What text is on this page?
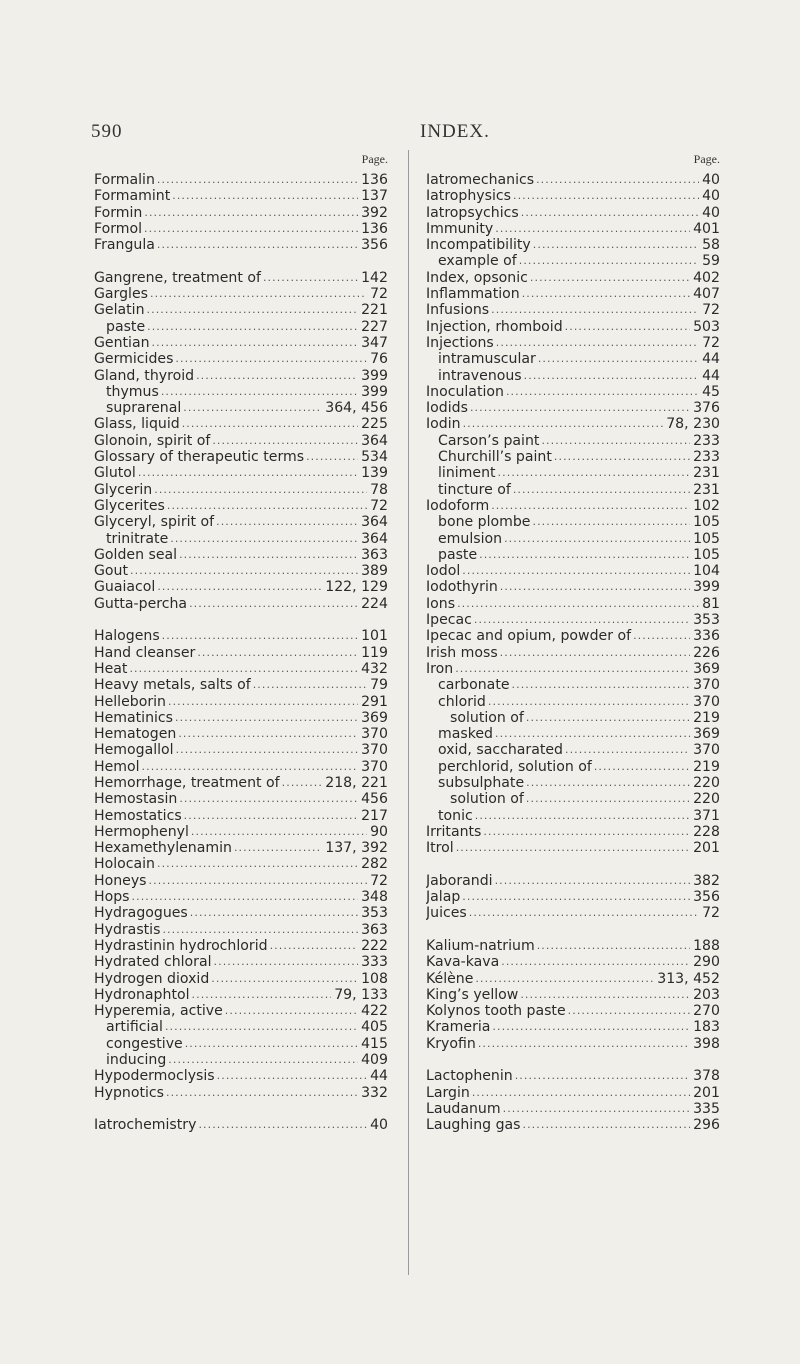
590	INDEX.
Page.
Formalin . . .	136
Formamint . . .	137
Formin . . .	392
Formol . . .	136
Frangula . . .	356
Gangrene, treatment of . . .	142
Gargles . . .	72
Gelatin . . .	221
paste . . .	227
Gentian . . .	347
Germicides . . .	76
Gland, thyroid . . .	399
thymus . . .	399
suprarenal . . .	364, 456
Glass, liquid . . .	225
Glonoin, spirit of . . .	364
Glossary of therapeutic terms . . .	534
Glutol . . .	139
Glycerin . . .	78
Glycerites . . .	72
Glyceryl, spirit of . . .	364
trinitrate . . .	364
Golden seal . . .	363
Gout . . .	389
Guaiacol . . .	122, 129
Gutta-percha . . .	224
Halogens . . .	101
Hand cleanser . . .	119
Heat . . .	432
Heavy metals, salts of . . .	79
Helleborin . . .	291
Hematinics . . .	369
Hematogen . . .	370
Hemogallol . . .	370
Hemol . . .	370
Hemorrhage, treatment of . . .	218, 221
Hemostasin . . .	456
Hemostatics . . .	217
Hermophenyl . . .	90
Hexamethylenamin . . .	137, 392
Holocain . . .	282
Honeys . . .	72
Hops . . .	348
Hydragogues . . .	353
Hydrastis . . .	363
Hydrastinin hydrochlorid . . .	222
Hydrated chloral . . .	333
Hydrogen dioxid . . .	108
Hydronaphtol . . .	79, 133
Hyperemia, active . . .	422
artificial . . .	405
congestive . . .	415
inducing . . .	409
Hypodermoclysis . . .	44
Hypnotics . . .	332
Iatrochemistry . . .	40
Page.
Iatromechanics . . .	40
Iatrophysics . . .	40
Iatropsychics . . .	40
Immunity . . .	401
Incompatibility . . .	58
example of . . .	59
Index, opsonic . . .	402
Inflammation . . .	407
Infusions . . .	72
Injection, rhomboid . . .	503
Injections . . .	72
intramuscular . . .	44
intravenous . . .	44
Inoculation . . .	45
Iodids . . .	376
Iodin . . .	78, 230
Carson’s paint . . .	233
Churchill’s paint . . .	233
liniment . . .	231
tincture of . . .	231
Iodoform . . .	102
bone plombe . . .	105
emulsion . . .	105
paste . . .	105
Iodol . . .	104
Iodothyrin . . .	399
Ions . . .	81
Ipecac . . .	353
Ipecac and opium, powder of . . .	336
Irish moss . . .	226
Iron . . .	369
carbonate . . .	370
chlorid . . .	370
solution of . . .	219
masked . . .	369
oxid, saccharated . . .	370
perchlorid, solution of . . .	219
subsulphate . . .	220
solution of . . .	220
tonic . . .	371
Irritants . . .	228
Itrol . . .	201
Jaborandi . . .	382
Jalap . . .	356
Juices . . .	72
Kalium-natrium . . .	188
Kava-kava . . .	290
Kélène . . .	313, 452
King’s yellow . . .	203
Kolynos tooth paste . . .	270
Krameria . . .	183
Kryofin . . .	398
Lactophenin . . .	378
Largin . . .	201
Laudanum . . .	335
Laughing gas . . .	296
